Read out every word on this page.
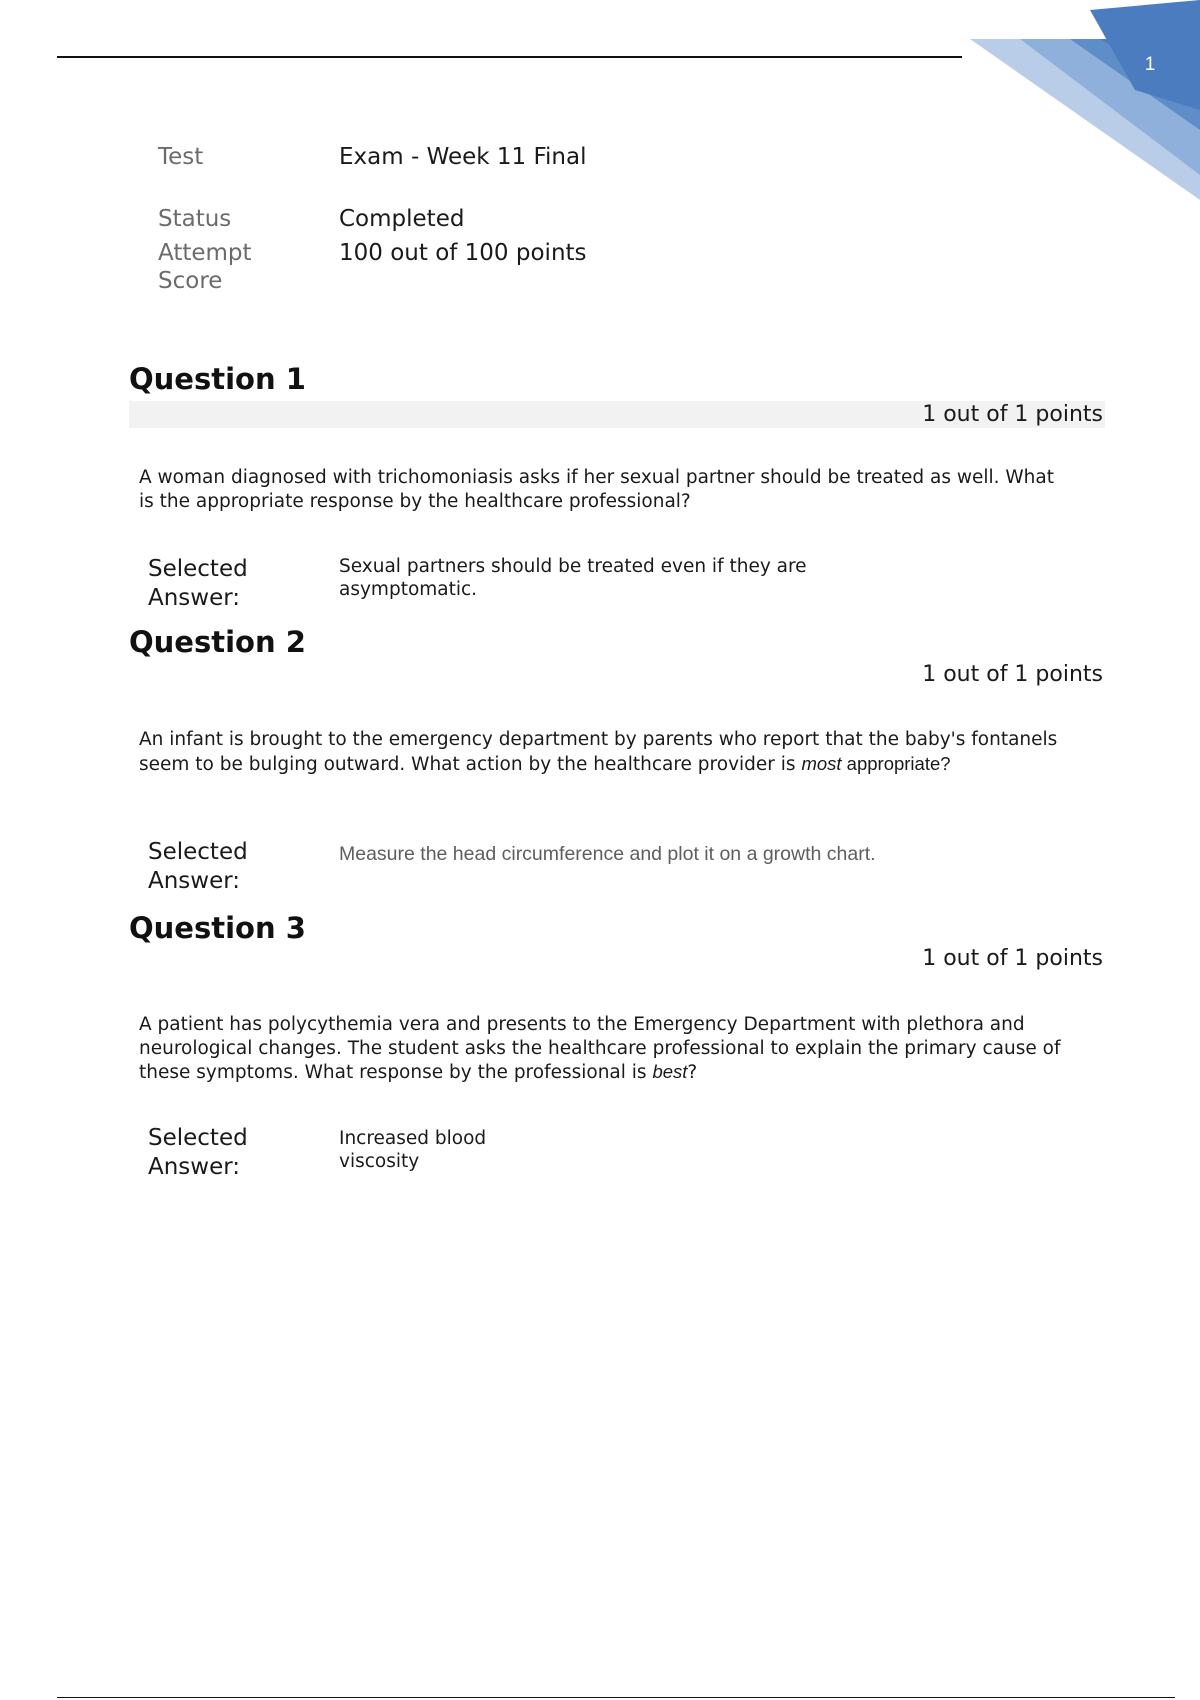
1
Test	Exam - Week 11 Final
Status	Completed
Attempt Score
100 out of 100 points
Question 1
1 out of 1 points
A woman diagnosed with trichomoniasis asks if her sexual partner should be treated as well. What is the appropriate response by the healthcare professional?
Selected Answer:
Sexual partners should be treated even if they are asymptomatic.
Question 2
1 out of 1 points
An infant is brought to the emergency department by parents who report that the baby's fontanels seem to be bulging outward. What action by the healthcare provider is most appropriate?
Selected Answer:
Measure the head circumference and plot it on a growth chart.
Question 3
1 out of 1 points
A patient has polycythemia vera and presents to the Emergency Department with plethora and neurological changes. The student asks the healthcare professional to explain the primary cause of these symptoms. What response by the professional is best?
Selected Answer:
Increased blood viscosity
